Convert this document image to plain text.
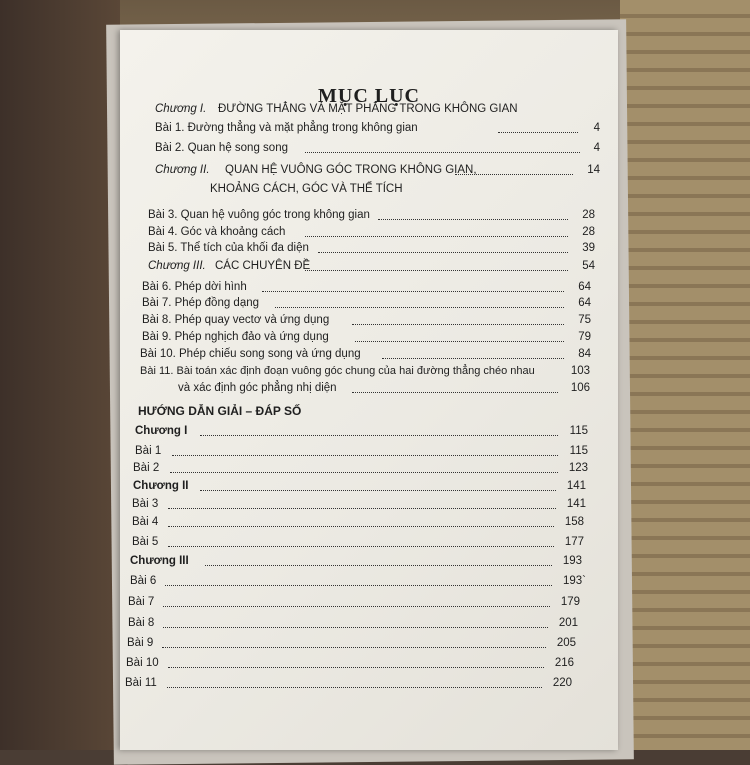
MỤC LỤC
Chương I. ĐƯỜNG THẲNG VÀ MẶT PHẲNG TRONG KHÔNG GIAN
Bài 1. Đường thẳng và mặt phẳng trong không gian	4
Bài 2. Quan hệ song song	4
Chương II. QUAN HỆ VUÔNG GÓC TRONG KHÔNG GIAN,	14
KHOẢNG CÁCH, GÓC VÀ THỂ TÍCH
Bài 3. Quan hệ vuông góc trong không gian	28
Bài 4. Góc và khoảng cách	28
Bài 5. Thể tích của khối đa diện	39
Chương III. CÁC CHUYÊN ĐỀ	54
Bài 6. Phép dời hình	64
Bài 7. Phép đồng dạng	64
Bài 8. Phép quay vectơ và ứng dụng	75
Bài 9. Phép nghịch đảo và ứng dụng	79
Bài 10. Phép chiếu song song và ứng dụng	84
Bài 11. Bài toán xác định đoạn vuông góc chung của hai đường thẳng chéo nhau	103
và xác định góc phẳng nhị diện	106
HƯỚNG DẪN GIẢI – ĐÁP SỐ
Chương I	115
Bài 1	115
Bài 2	123
Chương II	141
Bài 3	141
Bài 4	158
Bài 5	177
Chương III	193
Bài 6	193`
Bài 7	179
Bài 8	201
Bài 9	205
Bài 10	216
Bài 11	220
